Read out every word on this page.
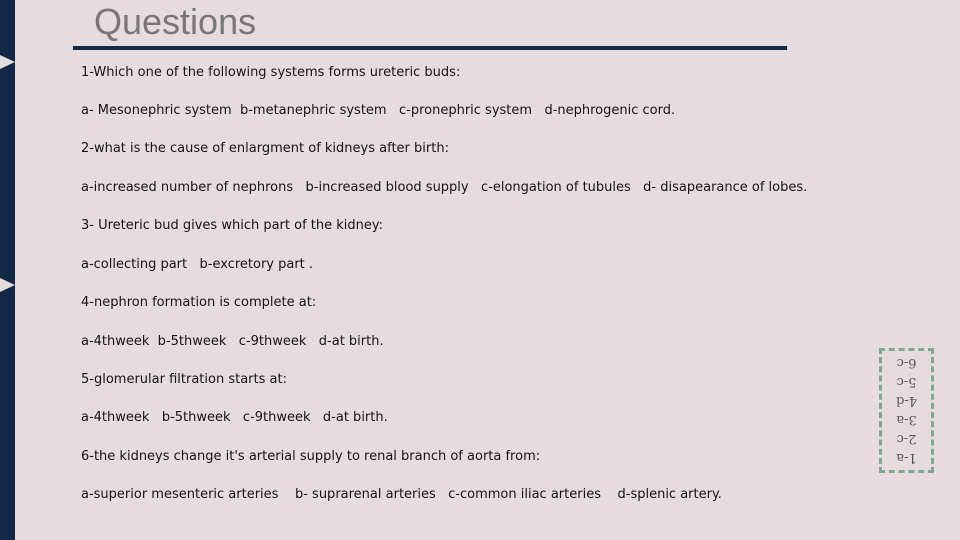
Questions
1-Which one of the following systems forms ureteric buds:
a- Mesonephric system  b-metanephric system   c-pronephric system   d-nephrogenic cord.
2-what is the cause of enlargment of kidneys after birth:
a-increased number of nephrons   b-increased blood supply   c-elongation of tubules   d- disapearance of lobes.
3- Ureteric bud gives which part of the kidney:
a-collecting part   b-excretory part .
4-nephron formation is complete at:
a-4thweek  b-5thweek   c-9thweek   d-at birth.
5-glomerular filtration starts at:
a-4thweek   b-5thweek   c-9thweek   d-at birth.
6-the kidneys change it's arterial supply to renal branch of aorta from:
a-superior mesenteric arteries    b- suprarenal arteries   c-common iliac arteries    d-splenic artery.
1-a
2-c
3-a
4-d
5-c
6-c
